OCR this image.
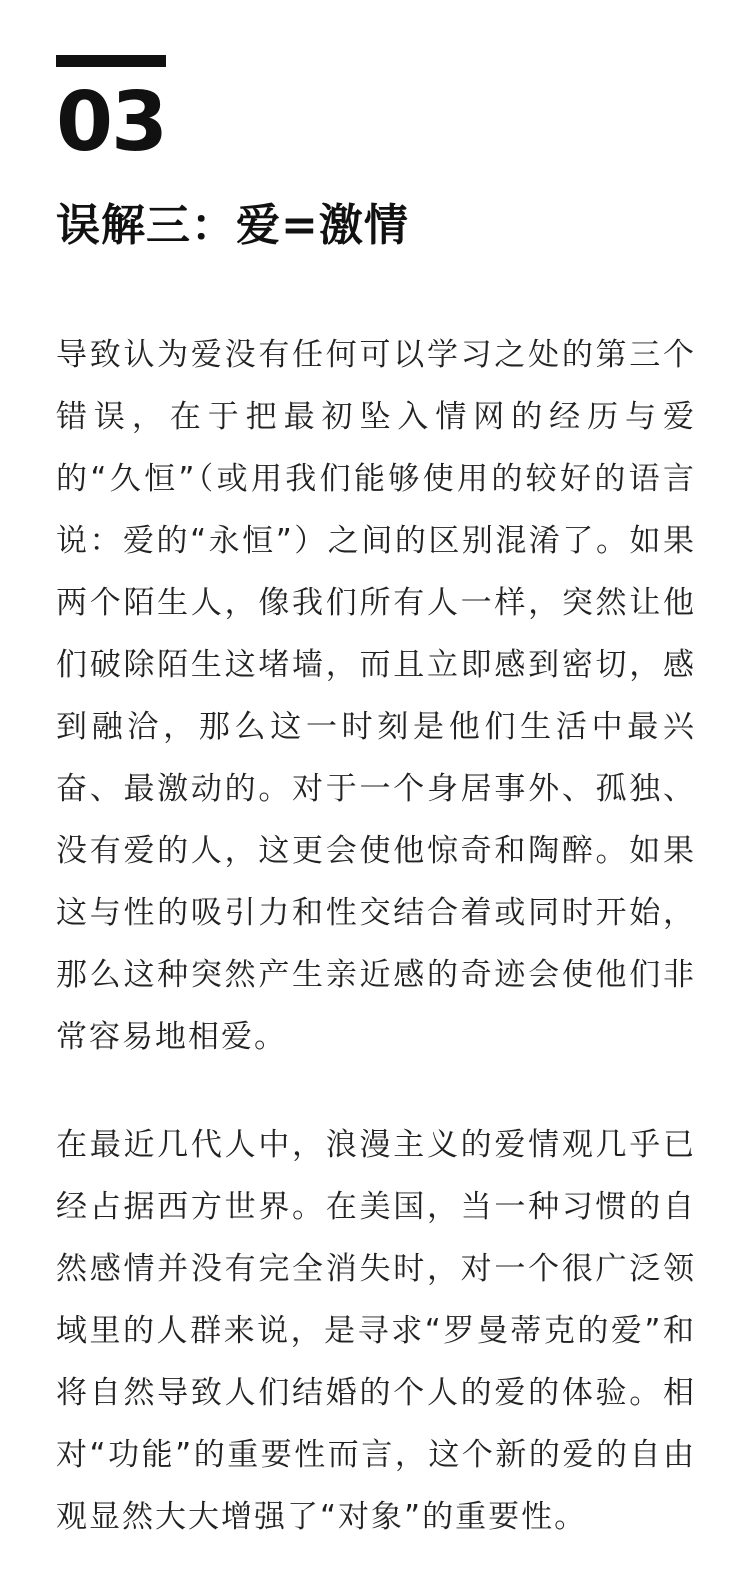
03
误解三：爱=激情

导致认为爱没有任何可以学习之处的第三个错误，在于把最初坠入情网的经历与爱的“久恒”（或用我们能够使用的较好的语言说：爱的“永恒”）之间的区别混淆了。如果两个陌生人，像我们所有人一样，突然让他们破除陌生这堵墙，而且立即感到密切，感到融洽，那么这一时刻是他们生活中最兴奋、最激动的。对于一个身居事外、孤独、没有爱的人，这更会使他惊奇和陶醉。如果这与性的吸引力和性交结合着或同时开始，那么这种突然产生亲近感的奇迹会使他们非常容易地相爱。

在最近几代人中，浪漫主义的爱情观几乎已经占据西方世界。在美国，当一种习惯的自然感情并没有完全消失时，对一个很广泛领域里的人群来说，是寻求“罗曼蒂克的爱”和将自然导致人们结婚的个人的爱的体验。相对“功能”的重要性而言，这个新的爱的自由观显然大大增强了“对象”的重要性。
